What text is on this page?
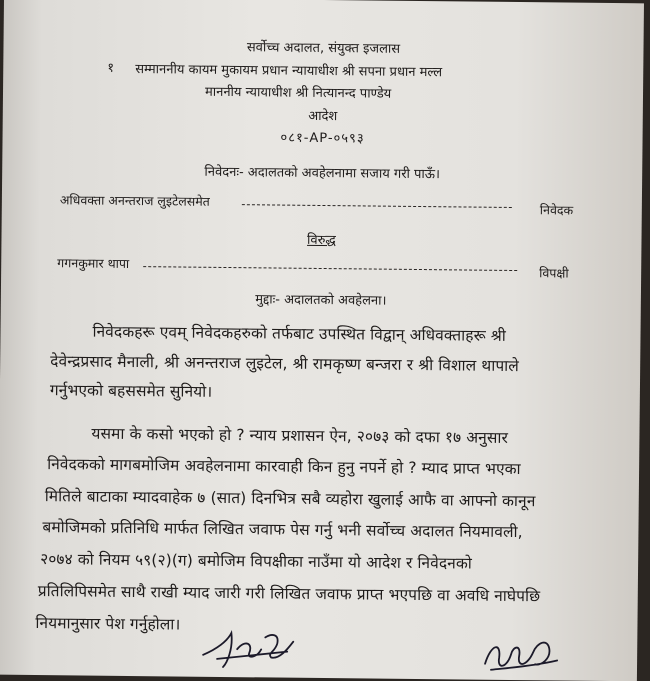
सर्वोच्च अदालत, संयुक्त इजलास
१ सम्माननीय कायम मुकायम प्रधान न्यायाधीश श्री सपना प्रधान मल्ल
माननीय न्यायाधीश श्री नित्यानन्द पाण्डेय
आदेश
०८१-AP-०५९३
निवेदनः- अदालतको अवहेलनामा सजाय गरी पाऊँ।
अधिवक्ता अनन्तराज लुइटेलसमेत
निवेदक
विरुद्ध
गगनकुमार थापा
विपक्षी
मुद्दाः- अदालतको अवहेलना।
निवेदकहरू एवम् निवेदकहरुको तर्फबाट उपस्थित विद्वान् अधिवक्ताहरू श्री
देवेन्द्रप्रसाद मैनाली, श्री अनन्तराज लुइटेल, श्री रामकृष्ण बन्जरा र श्री विशाल थापाले
गर्नुभएको बहससमेत सुनियो।
यसमा के कसो भएको हो ? न्याय प्रशासन ऐन, २०७३ को दफा १७ अनुसार
निवेदकको मागबमोजिम अवहेलनामा कारवाही किन हुनु नपर्ने हो ? म्याद प्राप्त भएका
मितिले बाटाका म्यादवाहेक ७ (सात) दिनभित्र सबै व्यहोरा खुलाई आफै वा आफ्नो कानून
बमोजिमको प्रतिनिधि मार्फत लिखित जवाफ पेस गर्नु भनी सर्वोच्च अदालत नियमावली,
२०७४ को नियम ५९(२)(ग) बमोजिम विपक्षीका नाउँमा यो आदेश र निवेदनको
प्रतिलिपिसमेत साथै राखी म्याद जारी गरी लिखित जवाफ प्राप्त भएपछि वा अवधि नाघेपछि
नियमानुसार पेश गर्नुहोला।
